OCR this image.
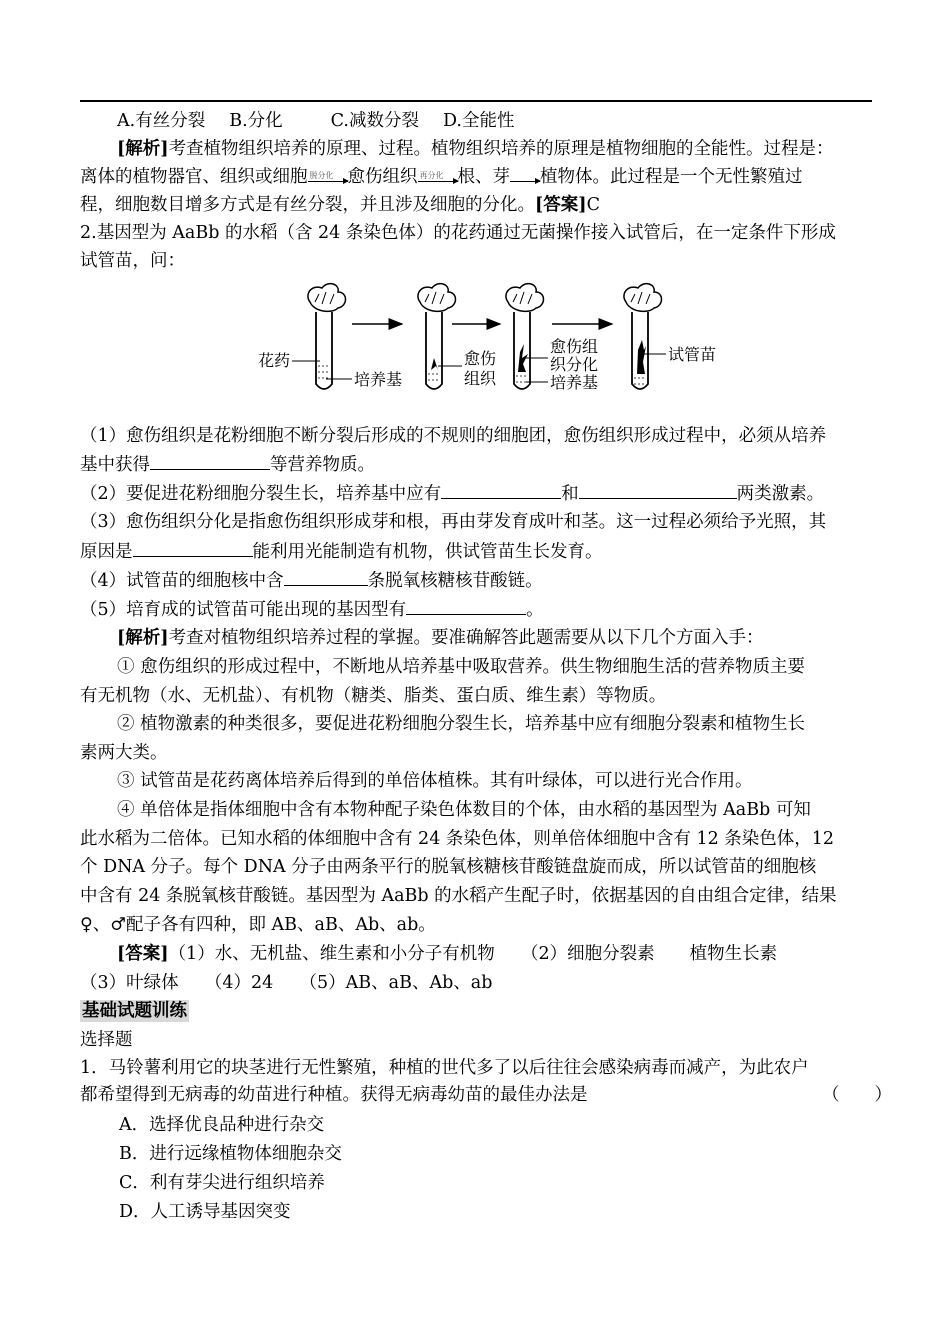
A.有丝分裂 B.分化	C.减数分裂 D.全能性
[解析]考查植物组织培养的原理、过程。植物组织培养的原理是植物细胞的全能性。过程是：
离体的植物器官、组织或细胞 脱分化 愈伤组织 再分化 根、芽 植物体。此过程是一个无性繁殖过
程，细胞数目增多方式是有丝分裂，并且涉及细胞的分化。[答案]C
2.基因型为 AaBb 的水稻（含 24 条染色体）的花药通过无菌操作接入试管后，在一定条件下形成
试管苗，问：
花药
培养基
愈伤
组织
愈伤组
织分化
培养基
试管苗
（1）愈伤组织是花粉细胞不断分裂后形成的不规则的细胞团，愈伤组织形成过程中，必须从培养
基中获得	等营养物质。
（2）要促进花粉细胞分裂生长，培养基中应有	和	两类激素。
（3）愈伤组织分化是指愈伤组织形成芽和根，再由芽发育成叶和茎。这一过程必须给予光照，其
原因是	能利用光能制造有机物，供试管苗生长发育。
（4）试管苗的细胞核中含	条脱氧核糖核苷酸链。
（5）培育成的试管苗可能出现的基因型有	。
[解析]考查对植物组织培养过程的掌握。要准确解答此题需要从以下几个方面入手：
① 愈伤组织的形成过程中，不断地从培养基中吸取营养。供生物细胞生活的营养物质主要
有无机物（水、无机盐）、有机物（糖类、脂类、蛋白质、维生素）等物质。
② 植物激素的种类很多，要促进花粉细胞分裂生长，培养基中应有细胞分裂素和植物生长
素两大类。
③ 试管苗是花药离体培养后得到的单倍体植株。其有叶绿体，可以进行光合作用。
④ 单倍体是指体细胞中含有本物种配子染色体数目的个体，由水稻的基因型为 AaBb 可知
此水稻为二倍体。已知水稻的体细胞中含有 24 条染色体，则单倍体细胞中含有 12 条染色体，12
个 DNA 分子。每个 DNA 分子由两条平行的脱氧核糖核苷酸链盘旋而成，所以试管苗的细胞核
中含有 24 条脱氧核苷酸链。基因型为 AaBb 的水稻产生配子时，依据基因的自由组合定律，结果
♀、♂配子各有四种，即 AB、aB、Ab、ab。
[答案]（1）水、无机盐、维生素和小分子有机物　　（2）细胞分裂素　　植物生长素
（3）叶绿体　　（4）24　　（5）AB、aB、Ab、ab
基础试题训练
选择题
1．马铃薯利用它的块茎进行无性繁殖，种植的世代多了以后往往会感染病毒而减产，为此农户
都希望得到无病毒的幼苗进行种植。获得无病毒幼苗的最佳办法是	（　　）
A．选择优良品种进行杂交
B．进行远缘植物体细胞杂交
C．利有芽尖进行组织培养
D．人工诱导基因突变
